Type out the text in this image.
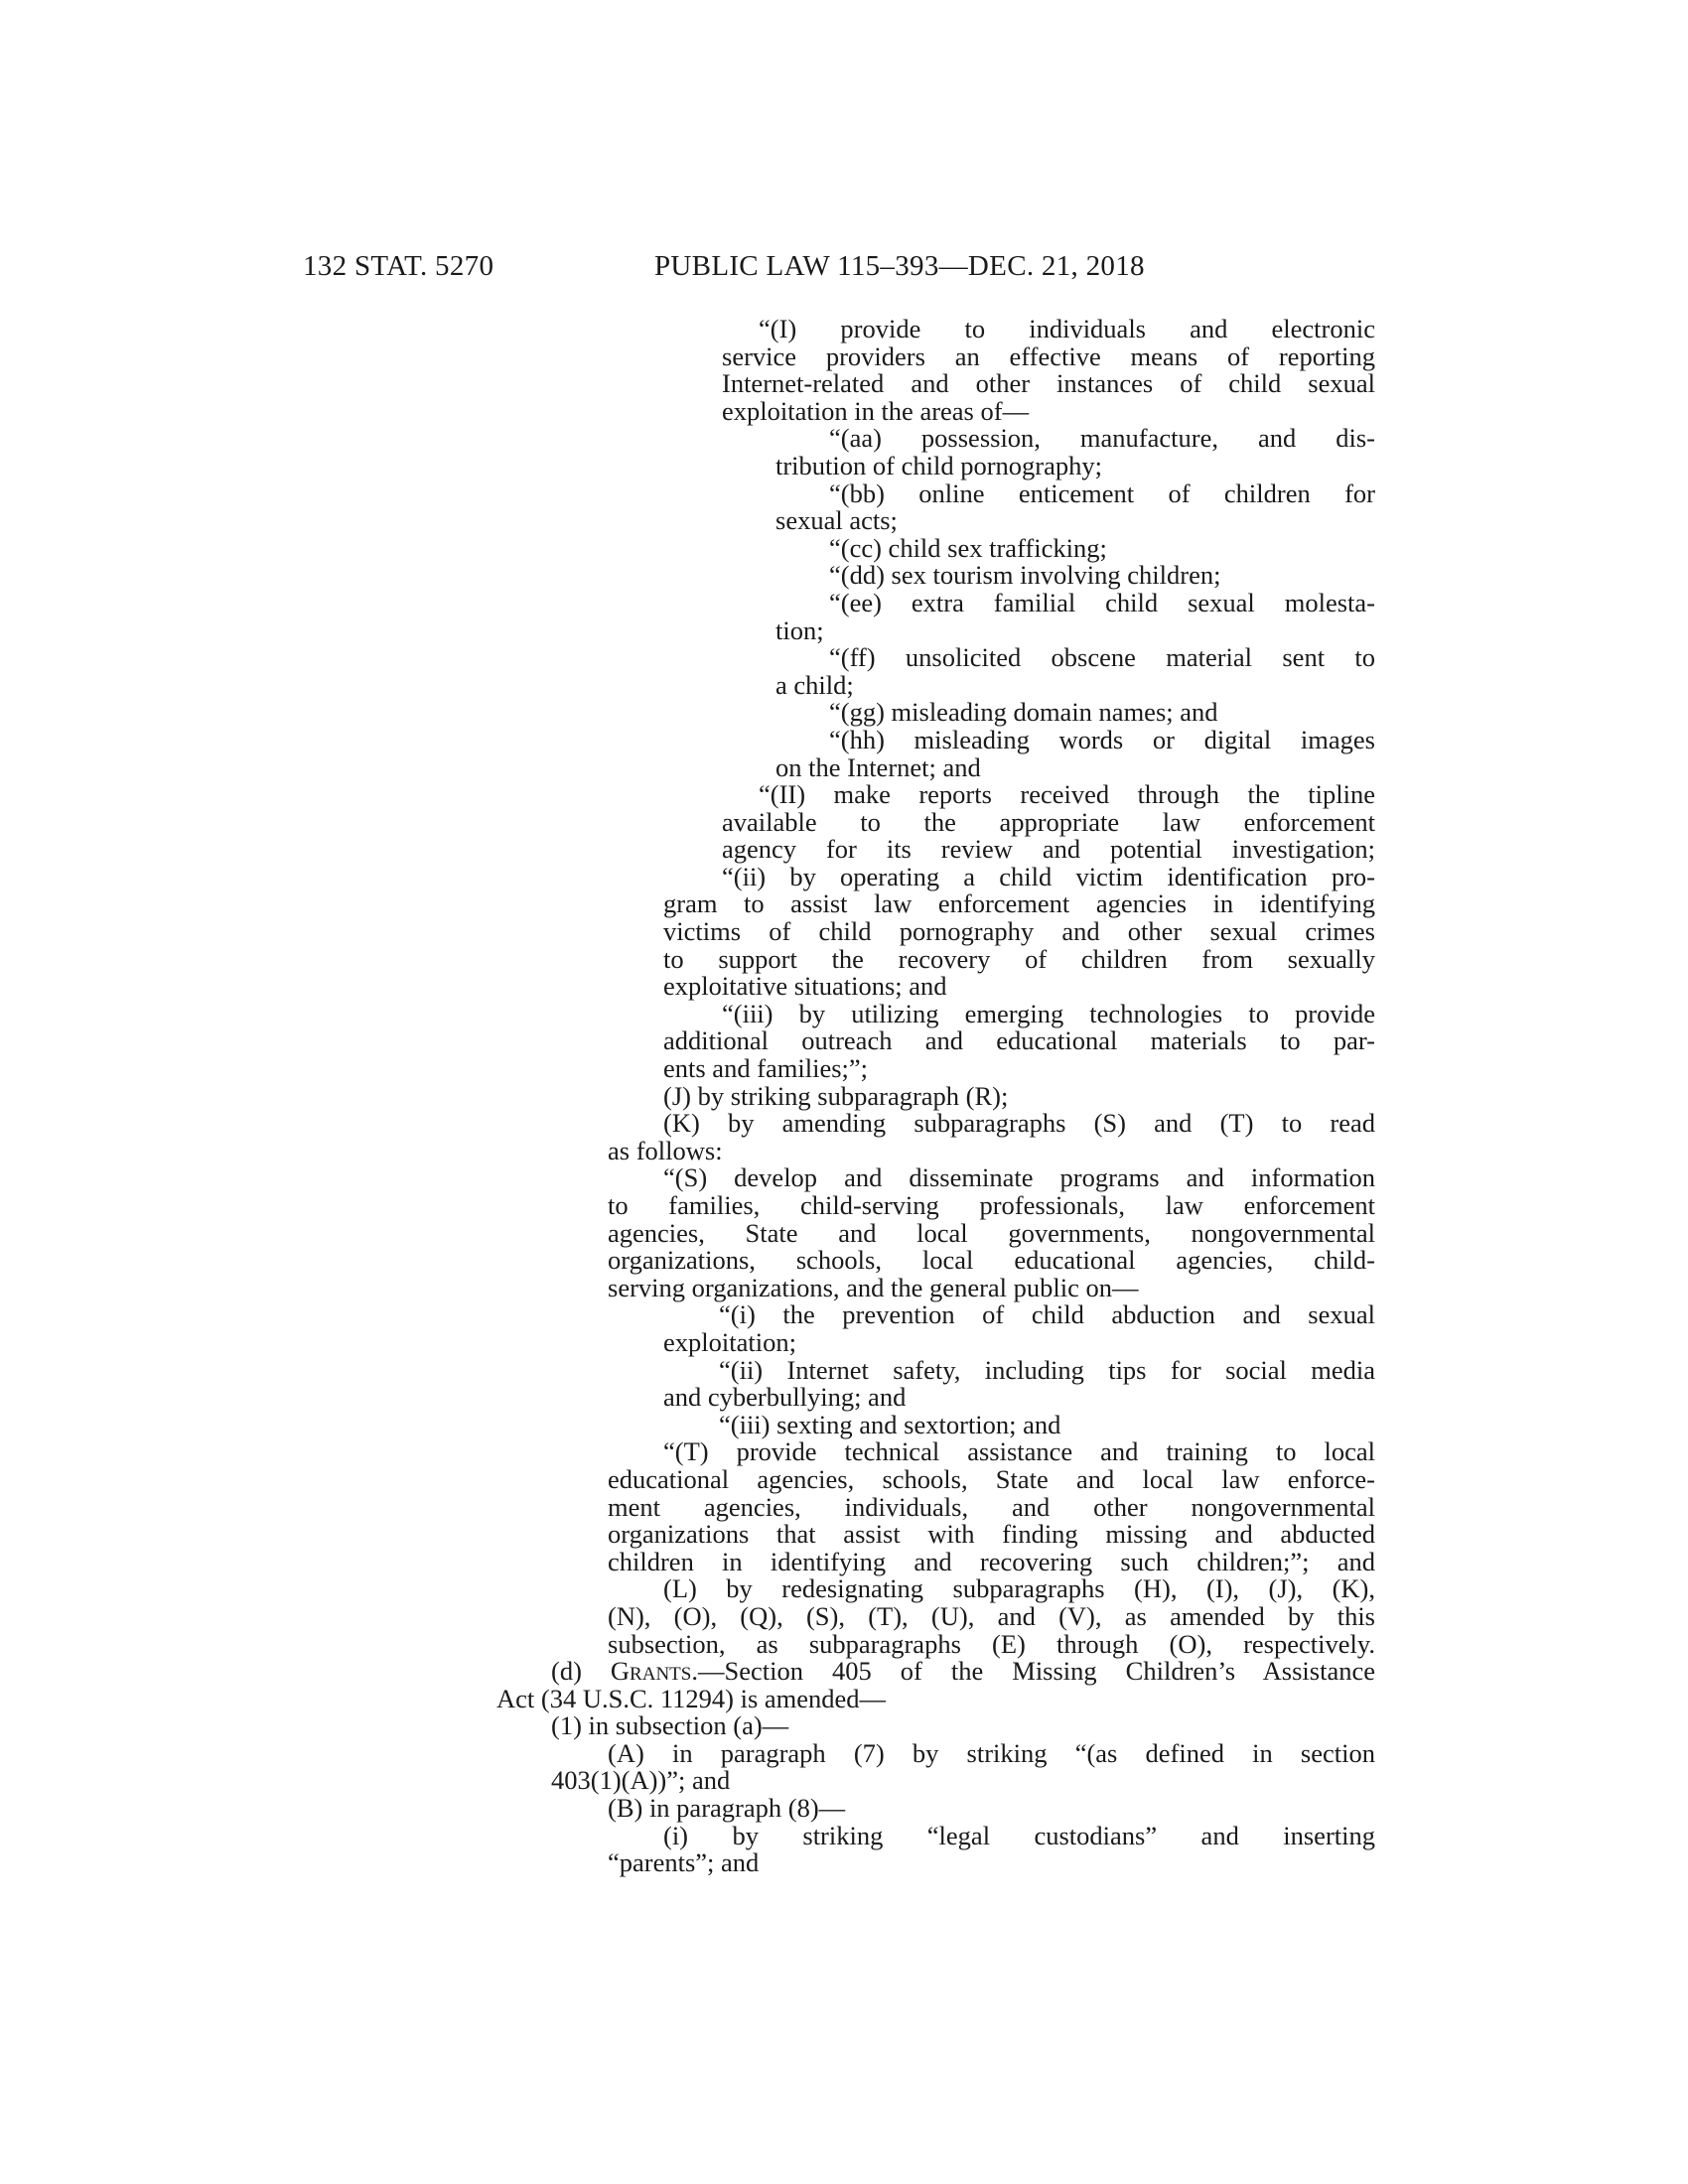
132 STAT. 5270	PUBLIC LAW 115–393—DEC. 21, 2018
“(I) provide to individuals and electronic
service providers an effective means of reporting
Internet-related and other instances of child sexual
exploitation in the areas of—
“(aa) possession, manufacture, and dis-
tribution of child pornography;
“(bb) online enticement of children for
sexual acts;
“(cc) child sex trafficking;
“(dd) sex tourism involving children;
“(ee) extra familial child sexual molesta-
tion;
“(ff) unsolicited obscene material sent to
a child;
“(gg) misleading domain names; and
“(hh) misleading words or digital images
on the Internet; and
“(II) make reports received through the tipline
available to the appropriate law enforcement
agency for its review and potential investigation;
“(ii) by operating a child victim identification pro-
gram to assist law enforcement agencies in identifying
victims of child pornography and other sexual crimes
to support the recovery of children from sexually
exploitative situations; and
“(iii) by utilizing emerging technologies to provide
additional outreach and educational materials to par-
ents and families;”;
(J) by striking subparagraph (R);
(K) by amending subparagraphs (S) and (T) to read
as follows:
“(S) develop and disseminate programs and information
to families, child-serving professionals, law enforcement
agencies, State and local governments, nongovernmental
organizations, schools, local educational agencies, child-
serving organizations, and the general public on—
“(i) the prevention of child abduction and sexual
exploitation;
“(ii) Internet safety, including tips for social media
and cyberbullying; and
“(iii) sexting and sextortion; and
“(T) provide technical assistance and training to local
educational agencies, schools, State and local law enforce-
ment agencies, individuals, and other nongovernmental
organizations that assist with finding missing and abducted
children in identifying and recovering such children;”; and
(L) by redesignating subparagraphs (H), (I), (J), (K),
(N), (O), (Q), (S), (T), (U), and (V), as amended by this
subsection, as subparagraphs (E) through (O), respectively.
(d) Grants.—Section 405 of the Missing Children’s Assistance
Act (34 U.S.C. 11294) is amended—
(1) in subsection (a)—
(A) in paragraph (7) by striking “(as defined in section
403(1)(A))”; and
(B) in paragraph (8)—
(i) by striking “legal custodians” and inserting
“parents”; and
